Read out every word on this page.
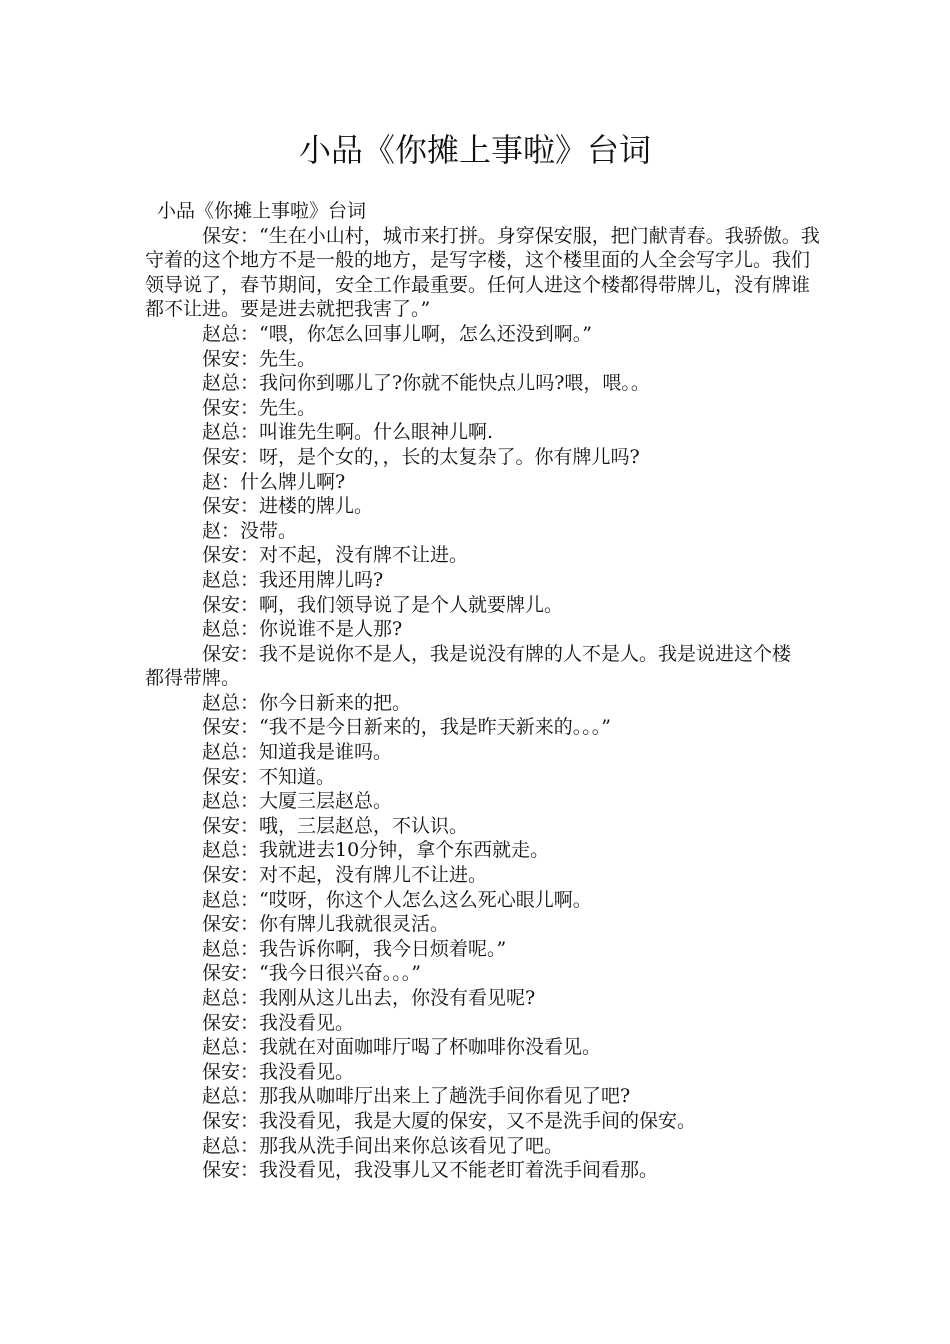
小品《你摊上事啦》台词

小品《你摊上事啦》台词

保安：“生在小山村，城市来打拼。身穿保安服，把门献青春。我骄傲。我守着的这个地方不是一般的地方，是写字楼，这个楼里面的人全会写字儿。我们领导说了，春节期间，安全工作最重要。任何人进这个楼都得带牌儿，没有牌谁都不让进。要是进去就把我害了。”

赵总：“喂，你怎么回事儿啊，怎么还没到啊。”

保安：先生。

赵总：我问你到哪儿了?你就不能快点儿吗?喂，喂。。

保安：先生。

赵总：叫谁先生啊。什么眼神儿啊.

保安：呀，是个女的，，长的太复杂了。你有牌儿吗?

赵：什么牌儿啊?

保安：进楼的牌儿。

赵：没带。

保安：对不起，没有牌不让进。

赵总：我还用牌儿吗?

保安：啊，我们领导说了是个人就要牌儿。

赵总：你说谁不是人那?

保安：我不是说你不是人，我是说没有牌的人不是人。我是说进这个楼都得带牌。

赵总：你今日新来的把。

保安：“我不是今日新来的，我是昨天新来的。。。”

赵总：知道我是谁吗。

保安：不知道。

赵总：大厦三层赵总。

保安：哦，三层赵总，不认识。

赵总：我就进去10分钟，拿个东西就走。

保安：对不起，没有牌儿不让进。

赵总：“哎呀，你这个人怎么这么死心眼儿啊。

保安：你有牌儿我就很灵活。

赵总：我告诉你啊，我今日烦着呢。”

保安：“我今日很兴奋。。。”

赵总：我刚从这儿出去，你没有看见呢?

保安：我没看见。

赵总：我就在对面咖啡厅喝了杯咖啡你没看见。

保安：我没看见。

赵总：那我从咖啡厅出来上了趟洗手间你看见了吧?

保安：我没看见，我是大厦的保安，又不是洗手间的保安。

赵总：那我从洗手间出来你总该看见了吧。

保安：我没看见，我没事儿又不能老盯着洗手间看那。
